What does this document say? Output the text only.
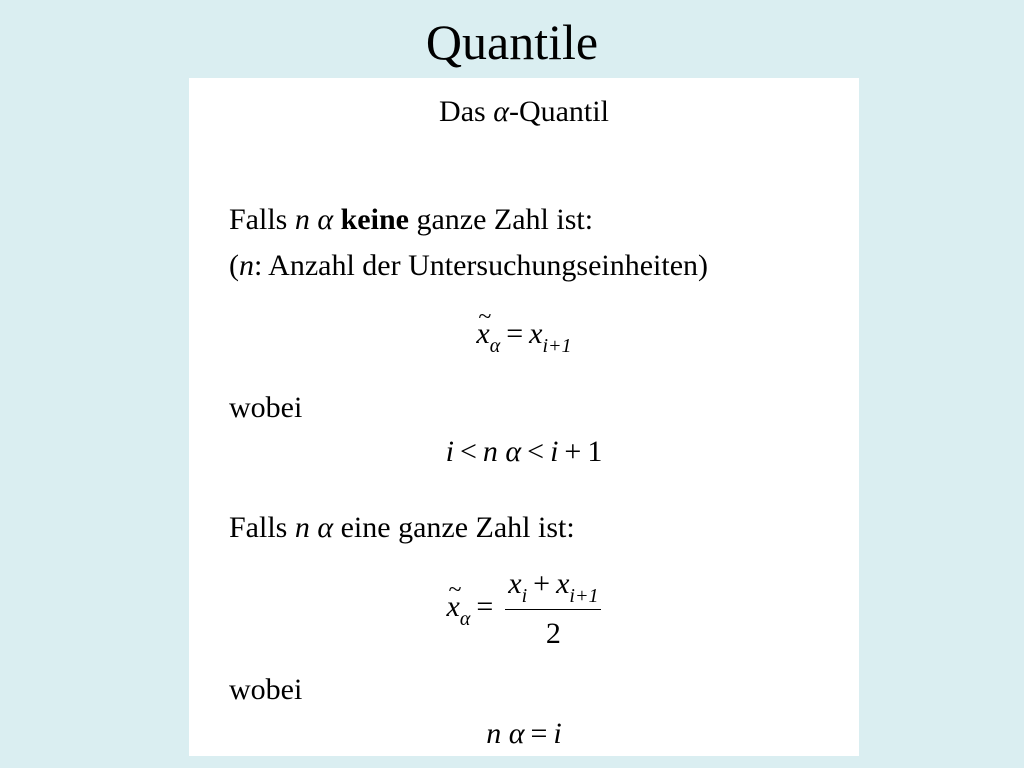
Quantile
Das α-Quantil
Falls n α keine ganze Zahl ist:
(n: Anzahl der Untersuchungseinheiten)
~ $x_\alpha = x_{i+1}$
wobei
i < n α < i + 1
Falls n α eine ganze Zahl ist:
~ $x_\alpha = \frac{x_i + x_{i+1}}{2}$
wobei
n α = i
